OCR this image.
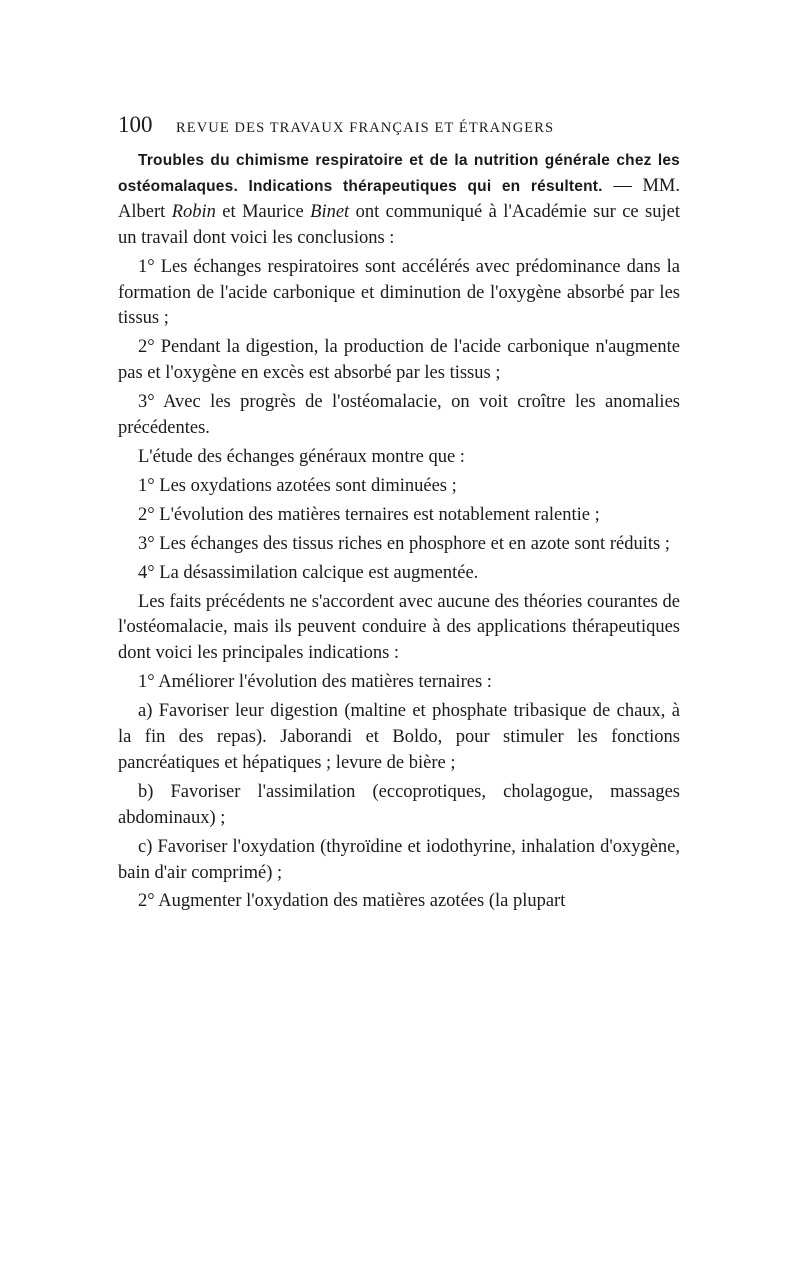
100	REVUE DES TRAVAUX FRANÇAIS ET ÉTRANGERS

Troubles du chimisme respiratoire et de la nutrition générale chez les ostéomalaques. Indications thérapeutiques qui en résultent. — MM. Albert Robin et Maurice Binet ont communiqué à l'Académie sur ce sujet un travail dont voici les conclusions :

1° Les échanges respiratoires sont accélérés avec prédominance dans la formation de l'acide carbonique et diminution de l'oxygène absorbé par les tissus ;

2° Pendant la digestion, la production de l'acide carbonique n'augmente pas et l'oxygène en excès est absorbé par les tissus ;

3° Avec les progrès de l'ostéomalacie, on voit croître les anomalies précédentes.

L'étude des échanges généraux montre que :

1° Les oxydations azotées sont diminuées ;

2° L'évolution des matières ternaires est notablement ralentie ;

3° Les échanges des tissus riches en phosphore et en azote sont réduits ;

4° La désassimilation calcique est augmentée.

Les faits précédents ne s'accordent avec aucune des théories courantes de l'ostéomalacie, mais ils peuvent conduire à des applications thérapeutiques dont voici les principales indications :

1° Améliorer l'évolution des matières ternaires :

a) Favoriser leur digestion (maltine et phosphate tribasique de chaux, à la fin des repas). Jaborandi et Boldo, pour stimuler les fonctions pancréatiques et hépatiques ; levure de bière ;

b) Favoriser l'assimilation (eccoprotiques, cholagogue, massages abdominaux) ;

c) Favoriser l'oxydation (thyroïdine et iodothyrine, inhalation d'oxygène, bain d'air comprimé) ;

2° Augmenter l'oxydation des matières azotées (la plupart
